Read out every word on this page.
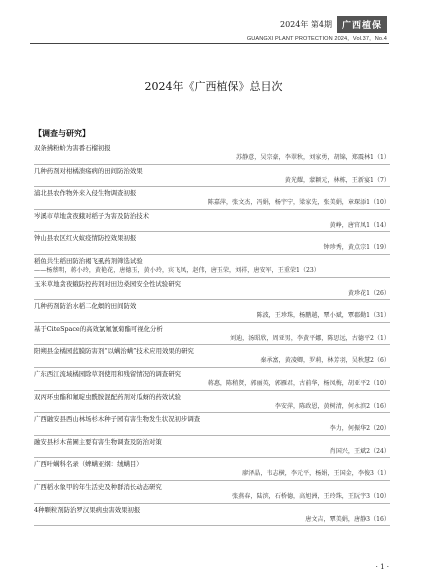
2024年 第4期	广西植保
GUANGXI PLANT PROTECTION 2024，Vol.37，No.4
2024年《广西植保》总目次
【调查与研究】
双条拂粉蚧为害番石榴初报
苏静意，吴宗豪，李翠秋，刘家勇，胡锦，郑震林1（1）
几种药剂对柑橘溃疡病的田间防治效果
黄光耀，蒙颖元，林栋，王新宴1（7）
浦北县农作物外来入侵生物调查初报
陈嘉萍，张文杰，冯娟，杨宇宁，梁家先，张美娟，章琛添1（10）
岑溪市草地贪夜蛾对稻子为害及防治技术
黄峥，唐官凤1（14）
钟山县农区红火蚁疫情防控效果初报
钟珍秀，黄点宗1（19）
稻鱼共生稻田防治褐飞虱药剂筛选试验
——杨蔡明，蒋小玲，黄艳花，唐德玉，黄小玲，宾飞凤，赵伟，唐玉荣，刘祥，唐安军，王重荣1（23）
玉米草地贪夜蛾防控药剂对田边桑园安全性试验研究
黄珍花1（26）
几种药剂防治水稻二化螟的田间防效
陈波，王珍珠，杨鹏越，覃小斌，覃郡勤1（31）
基于CiteSpace的高效氯氟氰菊酯可视化分析
刘迪，汤昭欣，周亚男，李黄平娜，陈思远，古德平2（1）
阳朔县金橘园蓝膜防害剂“以螨治螨”技术应用效果的研究
秦承富，黄凌卿，罗莉，林芳羽，吴秋慧2（6）
广东西江流域橘园除草剂使用和残留情况的调查研究
蒋惠，陈稍贤，郭丽英，郭雁君，古前华，杨凤梅，胡亚平2（10）
双丙环虫酯和氟啶虫酰胺混配药剂对瓜蚜的药效试验
李安萍，陈政恩，黄树清，何永滨2（16）
广西融安县西山林场杉木种子园有害生物发生状况初步调查
李力，何振华2（20）
融安县杉木苗圃主要有害生物调查及防治对策
肖国兴，王斌2（24）
广西叶螨科名录（蜱螨亚纲：绒螨目）
廖泽晶，韦志横，李元平，杨娟，王国金，李俊3（1）
广西稻水象甲的年生活史及种群消长动态研究
张燕春，陆滨，石桥德，高旭洲，王玲珠，王阮宇3（10）
4种颗粒剂防治罗汉果病虫害效果初报
唐文吉，覃美娟，唐静3（16）
· 1 ·
